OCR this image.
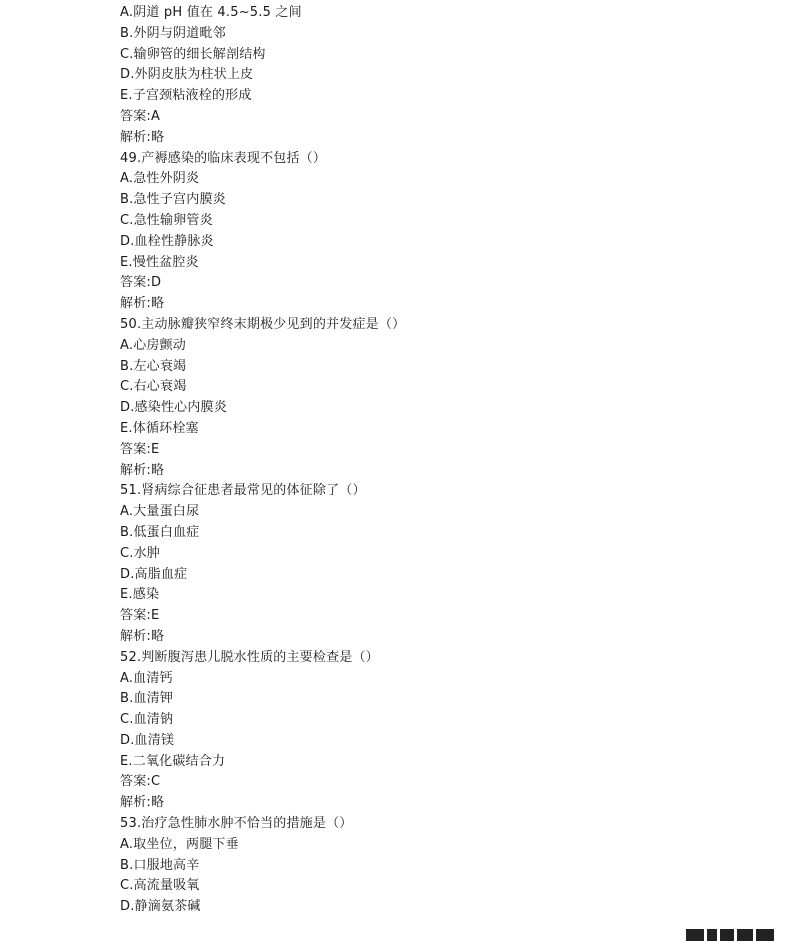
A.阴道 pH 值在 4.5~5.5 之间
B.外阴与阴道毗邻
C.输卵管的细长解剖结构
D.外阴皮肤为柱状上皮
E.子宫颈粘液栓的形成
答案:A
解析:略
49.产褥感染的临床表现不包括（）
A.急性外阴炎
B.急性子宫内膜炎
C.急性输卵管炎
D.血栓性静脉炎
E.慢性盆腔炎
答案:D
解析:略
50.主动脉瓣狭窄终末期极少见到的并发症是（）
A.心房颤动
B.左心衰竭
C.右心衰竭
D.感染性心内膜炎
E.体循环栓塞
答案:E
解析:略
51.肾病综合征患者最常见的体征除了（）
A.大量蛋白尿
B.低蛋白血症
C.水肿
D.高脂血症
E.感染
答案:E
解析:略
52.判断腹泻患儿脱水性质的主要检查是（）
A.血清钙
B.血清钾
C.血清钠
D.血清镁
E.二氧化碳结合力
答案:C
解析:略
53.治疗急性肺水肿不恰当的措施是（）
A.取坐位，两腿下垂
B.口服地高辛
C.高流量吸氧
D.静滴氨茶碱
